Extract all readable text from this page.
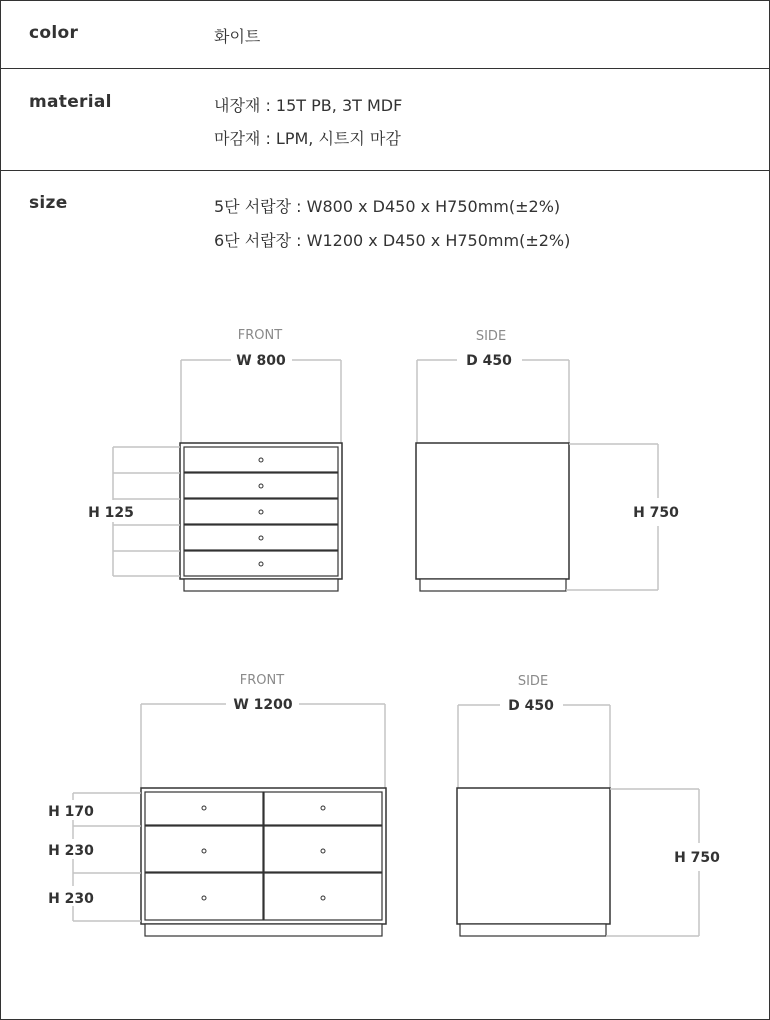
color	화이트
material	내장재 : 15T PB, 3T MDF
마감재 : LPM, 시트지 마감
size	5단 서랍장 : W800 x D450 x H750mm(±2%)
6단 서랍장 : W1200 x D450 x H750mm(±2%)
FRONT
W 800
H 125
SIDE
D 450
H 750
FRONT
W 1200
H 170
H 230
H 230
SIDE
D 450
H 750
